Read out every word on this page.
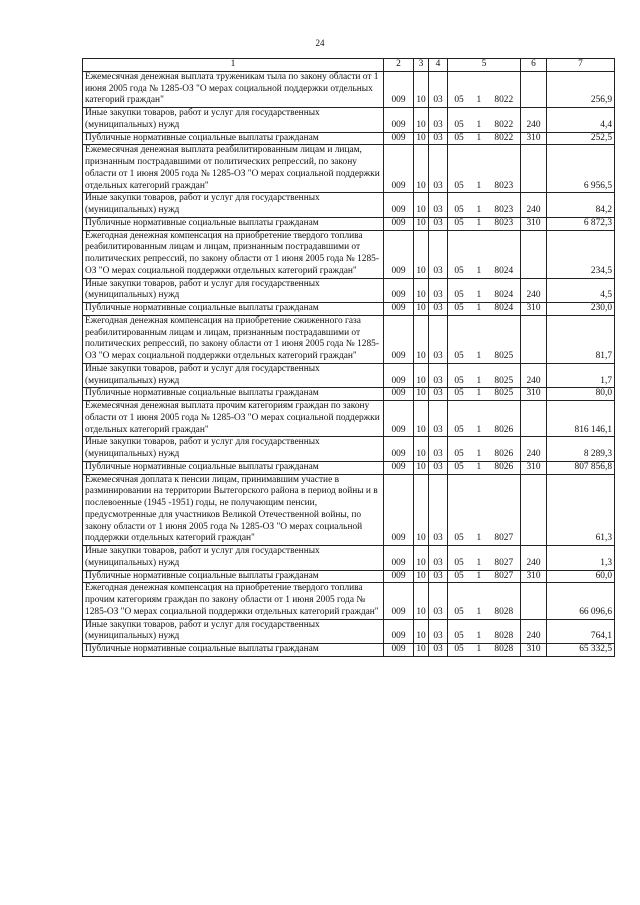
24
1	2	3	4	5		6	7
Ежемесячная денежная выплата труженикам тыла по закону области от 1 июня 2005 года № 1285-ОЗ "О мерах социальной поддержки отдельных категорий граждан"	009	10	03	05 1	8022		256,9
Иные закупки товаров, работ и услуг для государственных (муниципальных) нужд	009	10	03	05 1	8022	240	4,4
Публичные нормативные социальные выплаты гражданам	009	10	03	05 1	8022	310	252,5
Ежемесячная денежная выплата реабилитированным лицам и лицам, признанным пострадавшими от политических репрессий, по закону области от 1 июня 2005 года № 1285-ОЗ "О мерах социальной поддержки отдельных категорий граждан"	009	10	03	05 1	8023		6 956,5
Иные закупки товаров, работ и услуг для государственных (муниципальных) нужд	009	10	03	05 1	8023	240	84,2
Публичные нормативные социальные выплаты гражданам	009	10	03	05 1	8023	310	6 872,3
Ежегодная денежная компенсация на приобретение твердого топлива реабилитированным лицам и лицам, признанным пострадавшими от политических репрессий, по закону области от 1 июня 2005 года № 1285-ОЗ "О мерах социальной поддержки отдельных категорий граждан"	009	10	03	05 1	8024		234,5
Иные закупки товаров, работ и услуг для государственных (муниципальных) нужд	009	10	03	05 1	8024	240	4,5
Публичные нормативные социальные выплаты гражданам	009	10	03	05 1	8024	310	230,0
Ежегодная денежная компенсация на приобретение сжиженного газа реабилитированным лицам и лицам, признанным пострадавшими от политических репрессий, по закону области от 1 июня 2005 года № 1285-ОЗ "О мерах социальной поддержки отдельных категорий граждан"	009	10	03	05 1	8025		81,7
Иные закупки товаров, работ и услуг для государственных (муниципальных) нужд	009	10	03	05 1	8025	240	1,7
Публичные нормативные социальные выплаты гражданам	009	10	03	05 1	8025	310	80,0
Ежемесячная денежная выплата прочим категориям граждан по закону области от 1 июня 2005 года № 1285-ОЗ "О мерах социальной поддержки отдельных категорий граждан"	009	10	03	05 1	8026		816 146,1
Иные закупки товаров, работ и услуг для государственных (муниципальных) нужд	009	10	03	05 1	8026	240	8 289,3
Публичные нормативные социальные выплаты гражданам	009	10	03	05 1	8026	310	807 856,8
Ежемесячная доплата к пенсии лицам, принимавшим участие в разминировании на территории Вытегорского района в период войны и в послевоенные (1945 -1951) годы, не получающим пенсии, предусмотренные для участников Великой Отечественной войны, по закону области от 1 июня 2005 года № 1285-ОЗ "О мерах социальной поддержки отдельных категорий граждан"	009	10	03	05 1	8027		61,3
Иные закупки товаров, работ и услуг для государственных (муниципальных) нужд	009	10	03	05 1	8027	240	1,3
Публичные нормативные социальные выплаты гражданам	009	10	03	05 1	8027	310	60,0
Ежегодная денежная компенсация на приобретение твердого топлива прочим категориям граждан по закону области от 1 июня 2005 года № 1285-ОЗ "О мерах социальной поддержки отдельных категорий граждан"	009	10	03	05 1	8028		66 096,6
Иные закупки товаров, работ и услуг для государственных (муниципальных) нужд	009	10	03	05 1	8028	240	764,1
Публичные нормативные социальные выплаты гражданам	009	10	03	05 1	8028	310	65 332,5
